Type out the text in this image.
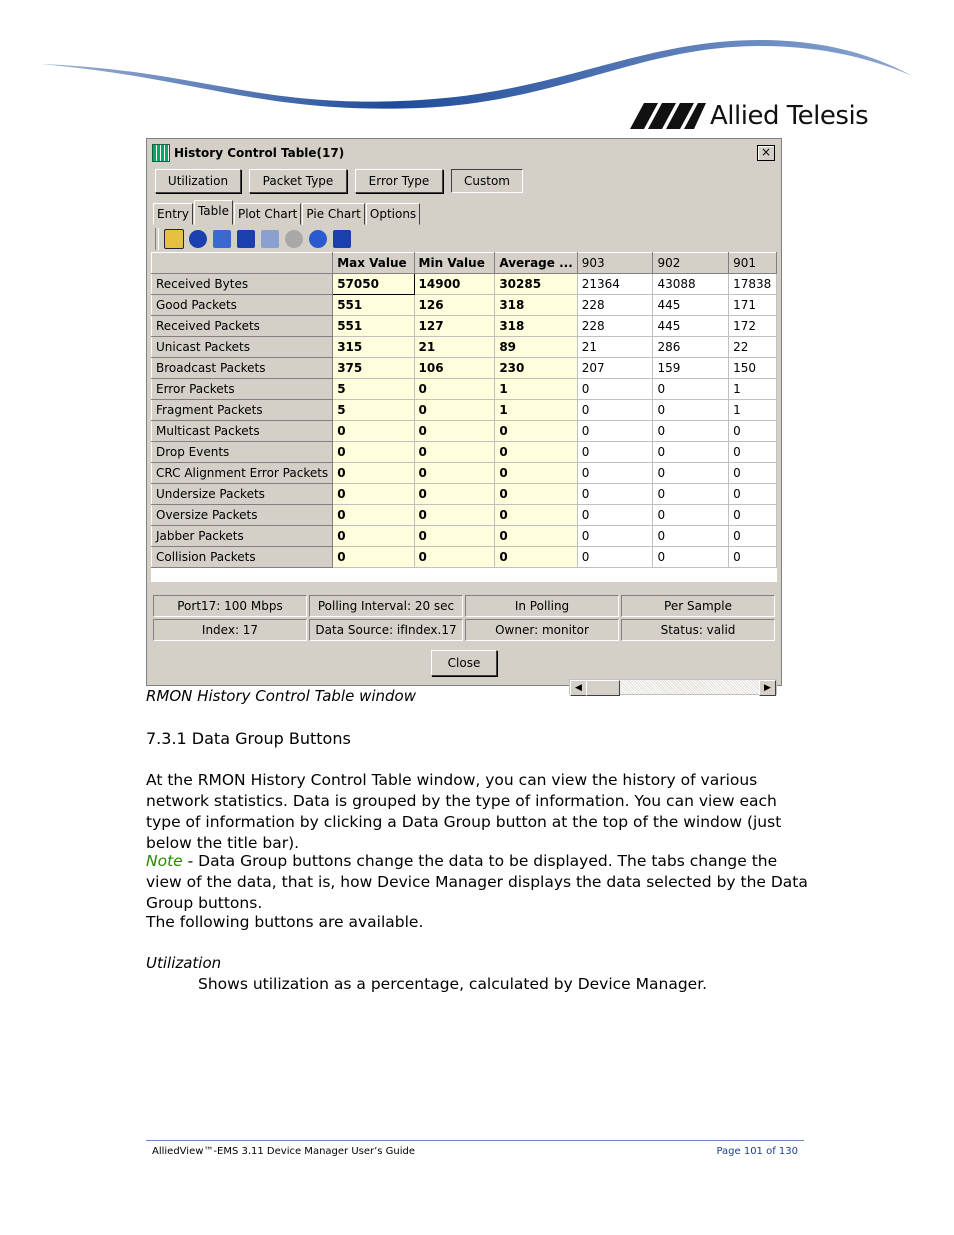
Allied Telesis
History Control Table(17)	×
Utilization	Packet Type	Error Type	Custom
Entry Table Plot Chart Pie Chart Options
	Max Value	Min Value	Average ...	903	902	901
Received Bytes	57050	14900	30285	21364	43088	17838
Good Packets	551	126	318	228	445	171
Received Packets	551	127	318	228	445	172
Unicast Packets	315	21	89	21	286	22
Broadcast Packets	375	106	230	207	159	150
Error Packets	5	0	1	0	0	1
Fragment Packets	5	0	1	0	0	1
Multicast Packets	0	0	0	0	0	0
Drop Events	0	0	0	0	0	0
CRC Alignment Error Packets	0	0	0	0	0	0
Undersize Packets	0	0	0	0	0	0
Oversize Packets	0	0	0	0	0	0
Jabber Packets	0	0	0	0	0	0
Collision Packets	0	0	0	0	0	0
◀	▶
Port17: 100 Mbps	Polling Interval: 20 sec	In Polling	Per Sample
Index: 17	Data Source: ifIndex.17	Owner: monitor	Status: valid
Close
RMON History Control Table window
7.3.1 Data Group Buttons
At the RMON History Control Table window, you can view the history of various network statistics. Data is grouped by the type of information. You can view each type of information by clicking a Data Group button at the top of the window (just below the title bar).
Note - Data Group buttons change the data to be displayed. The tabs change the view of the data, that is, how Device Manager displays the data selected by the Data Group buttons.
The following buttons are available.
Utilization
Shows utilization as a percentage, calculated by Device Manager.
AlliedView™-EMS 3.11 Device Manager User’s Guide	Page 101 of 130
